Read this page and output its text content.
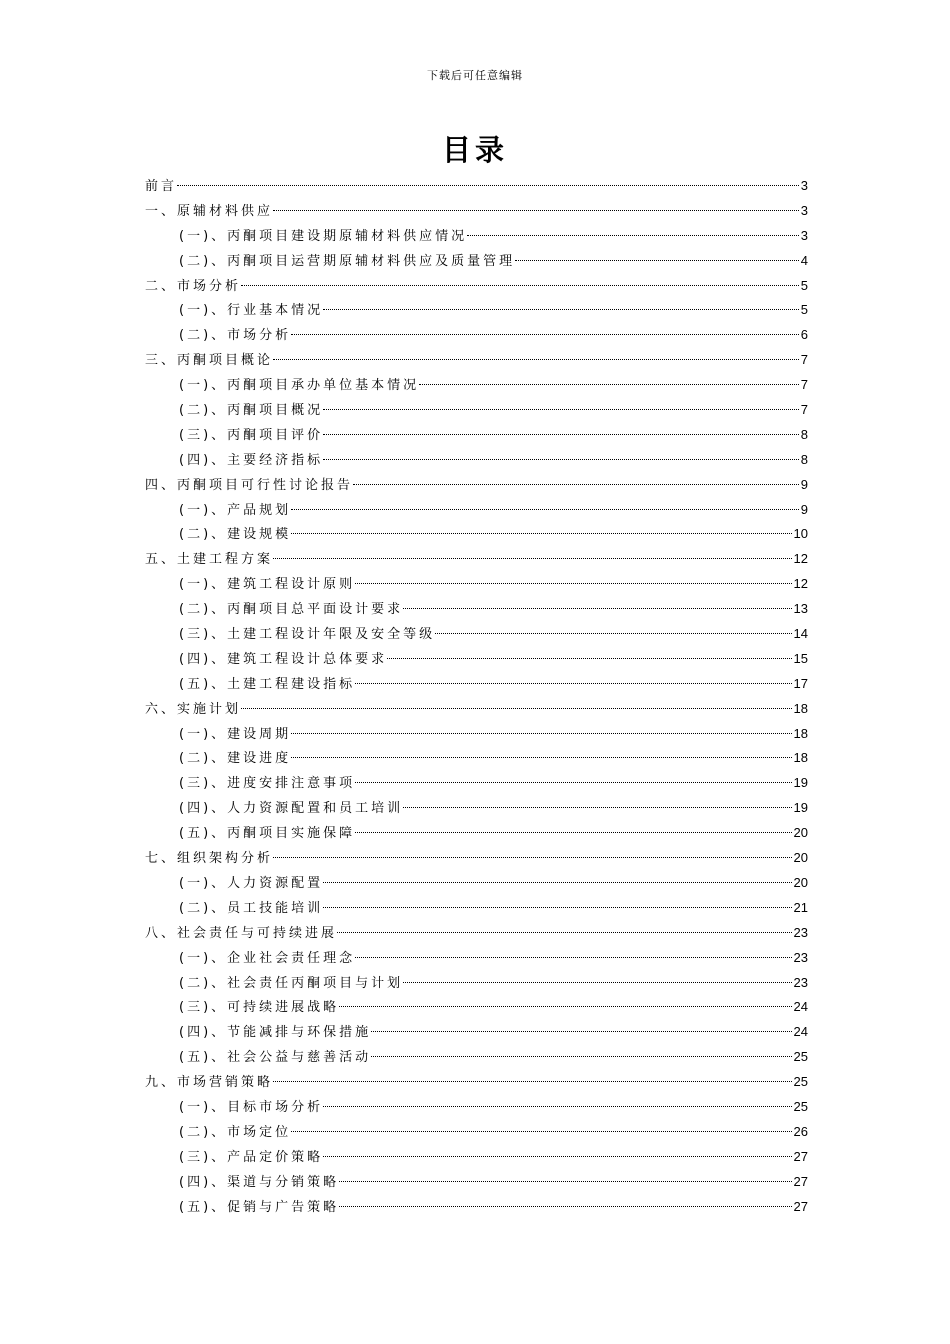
下载后可任意编辑
目录
前言	3
一、原辅材料供应	3
(一)、丙酮项目建设期原辅材料供应情况	3
(二)、丙酮项目运营期原辅材料供应及质量管理	4
二、市场分析	5
(一)、行业基本情况	5
(二)、市场分析	6
三、丙酮项目概论	7
(一)、丙酮项目承办单位基本情况	7
(二)、丙酮项目概况	7
(三)、丙酮项目评价	8
(四)、主要经济指标	8
四、丙酮项目可行性讨论报告	9
(一)、产品规划	9
(二)、建设规模	10
五、土建工程方案	12
(一)、建筑工程设计原则	12
(二)、丙酮项目总平面设计要求	13
(三)、土建工程设计年限及安全等级	14
(四)、建筑工程设计总体要求	15
(五)、土建工程建设指标	17
六、实施计划	18
(一)、建设周期	18
(二)、建设进度	18
(三)、进度安排注意事项	19
(四)、人力资源配置和员工培训	19
(五)、丙酮项目实施保障	20
七、组织架构分析	20
(一)、人力资源配置	20
(二)、员工技能培训	21
八、社会责任与可持续进展	23
(一)、企业社会责任理念	23
(二)、社会责任丙酮项目与计划	23
(三)、可持续进展战略	24
(四)、节能减排与环保措施	24
(五)、社会公益与慈善活动	25
九、市场营销策略	25
(一)、目标市场分析	25
(二)、市场定位	26
(三)、产品定价策略	27
(四)、渠道与分销策略	27
(五)、促销与广告策略	27
